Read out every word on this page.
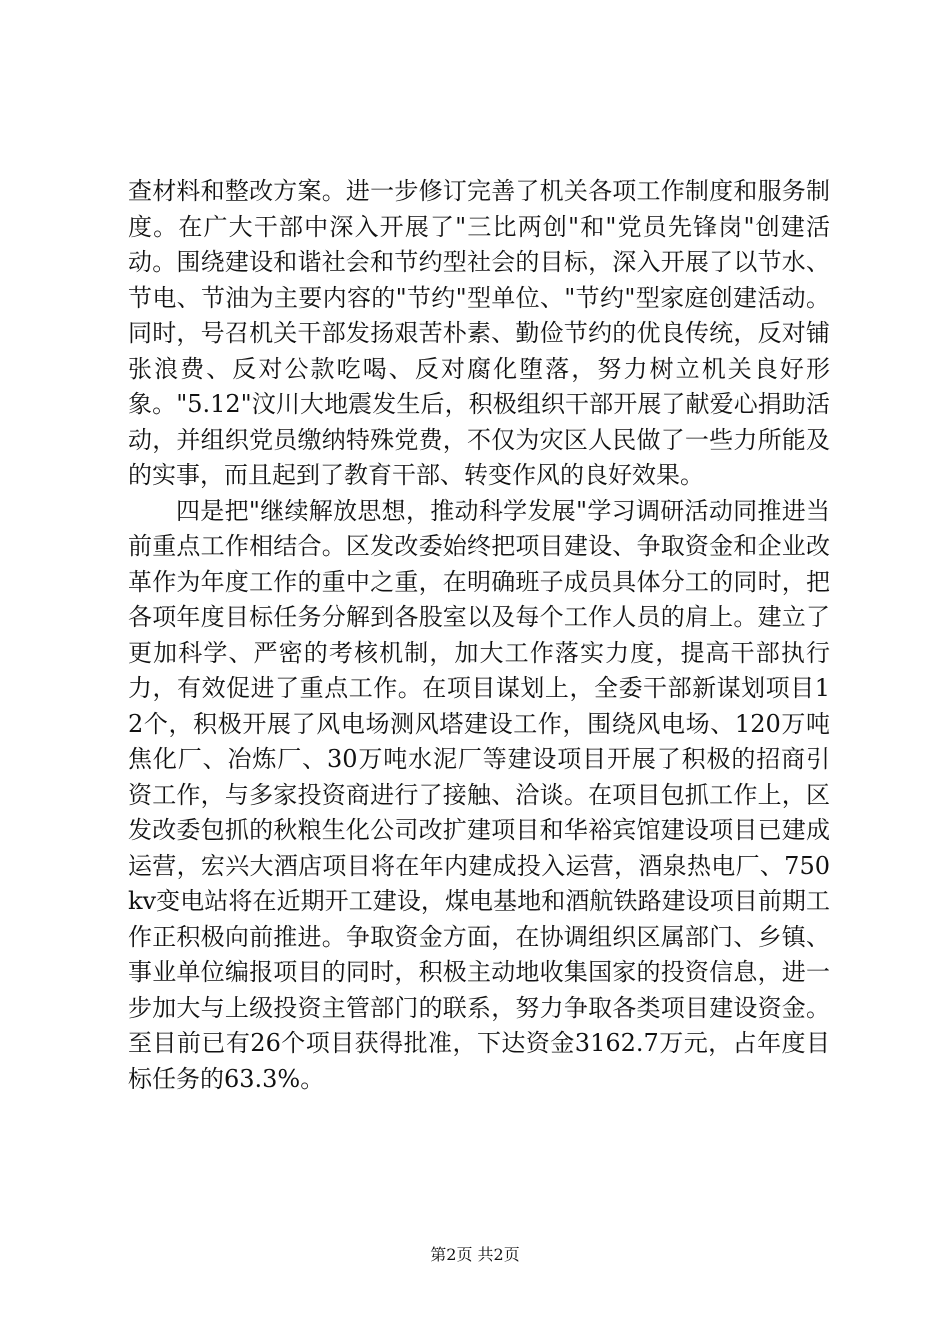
查材料和整改方案。进一步修订完善了机关各项工作制度和服务制度。在广大干部中深入开展了"三比两创"和"党员先锋岗"创建活动。围绕建设和谐社会和节约型社会的目标，深入开展了以节水、节电、节油为主要内容的"节约"型单位、"节约"型家庭创建活动。同时，号召机关干部发扬艰苦朴素、勤俭节约的优良传统，反对铺张浪费、反对公款吃喝、反对腐化堕落，努力树立机关良好形象。"5.12"汶川大地震发生后，积极组织干部开展了献爱心捐助活动，并组织党员缴纳特殊党费，不仅为灾区人民做了一些力所能及的实事，而且起到了教育干部、转变作风的良好效果。

四是把"继续解放思想，推动科学发展"学习调研活动同推进当前重点工作相结合。区发改委始终把项目建设、争取资金和企业改革作为年度工作的重中之重，在明确班子成员具体分工的同时，把各项年度目标任务分解到各股室以及每个工作人员的肩上。建立了更加科学、严密的考核机制，加大工作落实力度，提高干部执行力，有效促进了重点工作。在项目谋划上，全委干部新谋划项目12个，积极开展了风电场测风塔建设工作，围绕风电场、120万吨焦化厂、冶炼厂、30万吨水泥厂等建设项目开展了积极的招商引资工作，与多家投资商进行了接触、洽谈。在项目包抓工作上，区发改委包抓的秋粮生化公司改扩建项目和华裕宾馆建设项目已建成运营，宏兴大酒店项目将在年内建成投入运营，酒泉热电厂、750kv变电站将在近期开工建设，煤电基地和酒航铁路建设项目前期工作正积极向前推进。争取资金方面，在协调组织区属部门、乡镇、事业单位编报项目的同时，积极主动地收集国家的投资信息，进一步加大与上级投资主管部门的联系，努力争取各类项目建设资金。至目前已有26个项目获得批准，下达资金3162.7万元，占年度目标任务的63.3%。

第2页 共2页
